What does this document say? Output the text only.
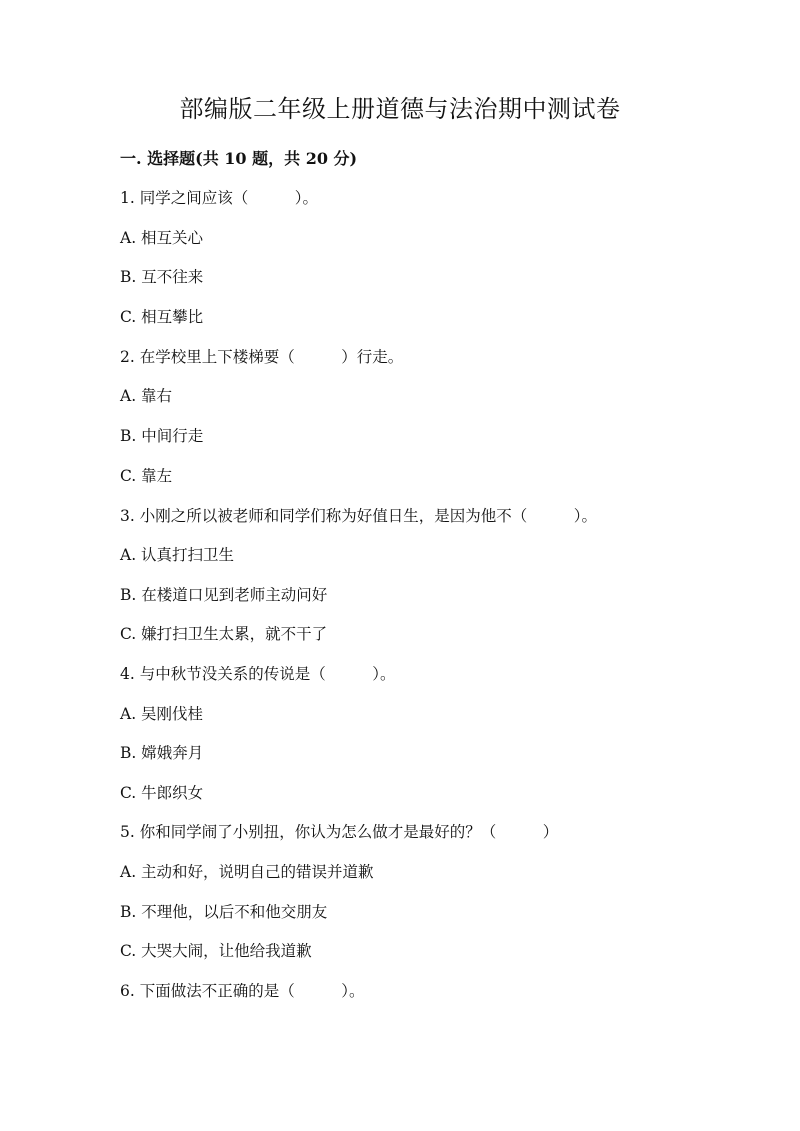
部编版二年级上册道德与法治期中测试卷
一. 选择题(共 10 题，共 20 分)
1. 同学之间应该（　　　）。
A. 相互关心
B. 互不往来
C. 相互攀比
2. 在学校里上下楼梯要（　　　）行走。
A. 靠右
B. 中间行走
C. 靠左
3. 小刚之所以被老师和同学们称为好值日生，是因为他不（　　　）。
A. 认真打扫卫生
B. 在楼道口见到老师主动问好
C. 嫌打扫卫生太累，就不干了
4. 与中秋节没关系的传说是（　　　）。
A. 吴刚伐桂
B. 嫦娥奔月
C. 牛郎织女
5. 你和同学闹了小别扭，你认为怎么做才是最好的？（　　　）
A. 主动和好，说明自己的错误并道歉
B. 不理他，以后不和他交朋友
C. 大哭大闹，让他给我道歉
6. 下面做法不正确的是（　　　）。
